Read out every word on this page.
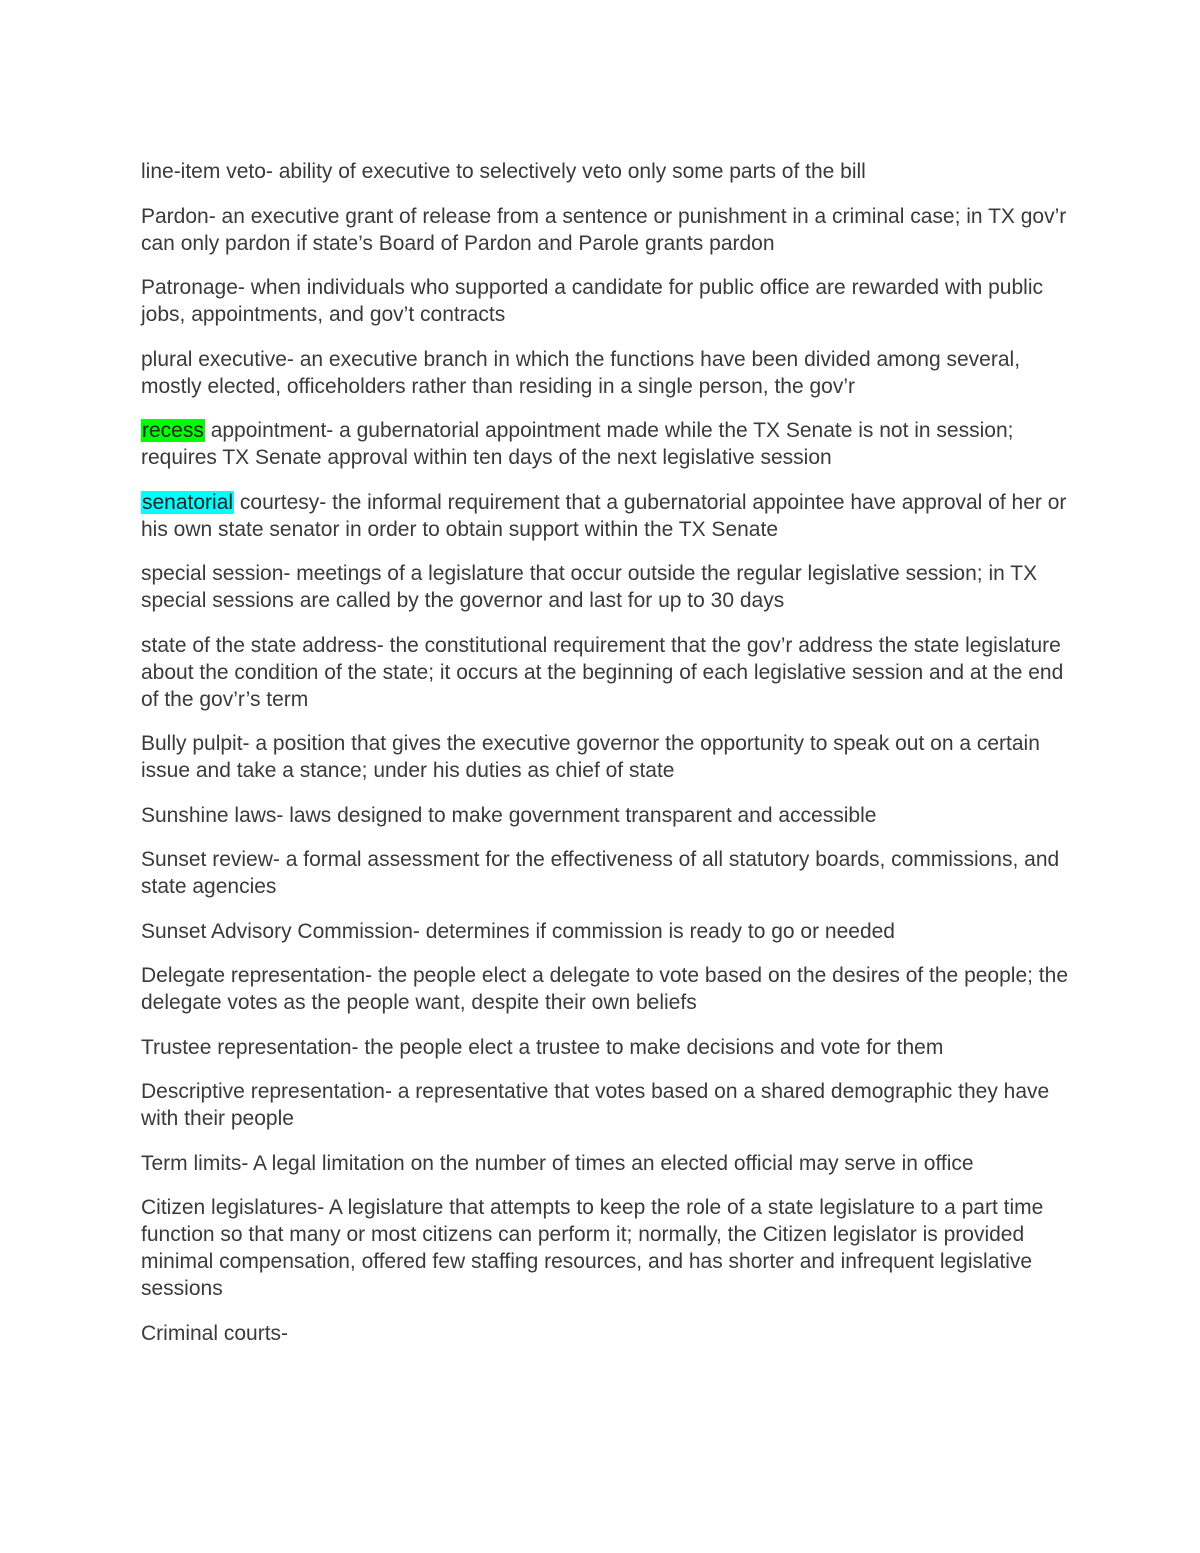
line-item veto- ability of executive to selectively veto only some parts of the bill

Pardon- an executive grant of release from a sentence or punishment in a criminal case; in TX gov’r can only pardon if state’s Board of Pardon and Parole grants pardon

Patronage- when individuals who supported a candidate for public office are rewarded with public jobs, appointments, and gov’t contracts

plural executive- an executive branch in which the functions have been divided among several, mostly elected, officeholders rather than residing in a single person, the gov’r

recess appointment- a gubernatorial appointment made while the TX Senate is not in session; requires TX Senate approval within ten days of the next legislative session

senatorial courtesy- the informal requirement that a gubernatorial appointee have approval of her or his own state senator in order to obtain support within the TX Senate

special session- meetings of a legislature that occur outside the regular legislative session; in TX special sessions are called by the governor and last for up to 30 days

state of the state address- the constitutional requirement that the gov’r address the state legislature about the condition of the state; it occurs at the beginning of each legislative session and at the end of the gov’r’s term

Bully pulpit- a position that gives the executive governor the opportunity to speak out on a certain issue and take a stance; under his duties as chief of state

Sunshine laws- laws designed to make government transparent and accessible

Sunset review- a formal assessment for the effectiveness of all statutory boards, commissions, and state agencies

Sunset Advisory Commission- determines if commission is ready to go or needed

Delegate representation- the people elect a delegate to vote based on the desires of the people; the delegate votes as the people want, despite their own beliefs

Trustee representation- the people elect a trustee to make decisions and vote for them

Descriptive representation- a representative that votes based on a shared demographic they have with their people

Term limits- A legal limitation on the number of times an elected official may serve in office

Citizen legislatures- A legislature that attempts to keep the role of a state legislature to a part time function so that many or most citizens can perform it; normally, the Citizen legislator is provided minimal compensation, offered few staffing resources, and has shorter and infrequent legislative sessions

Criminal courts-
